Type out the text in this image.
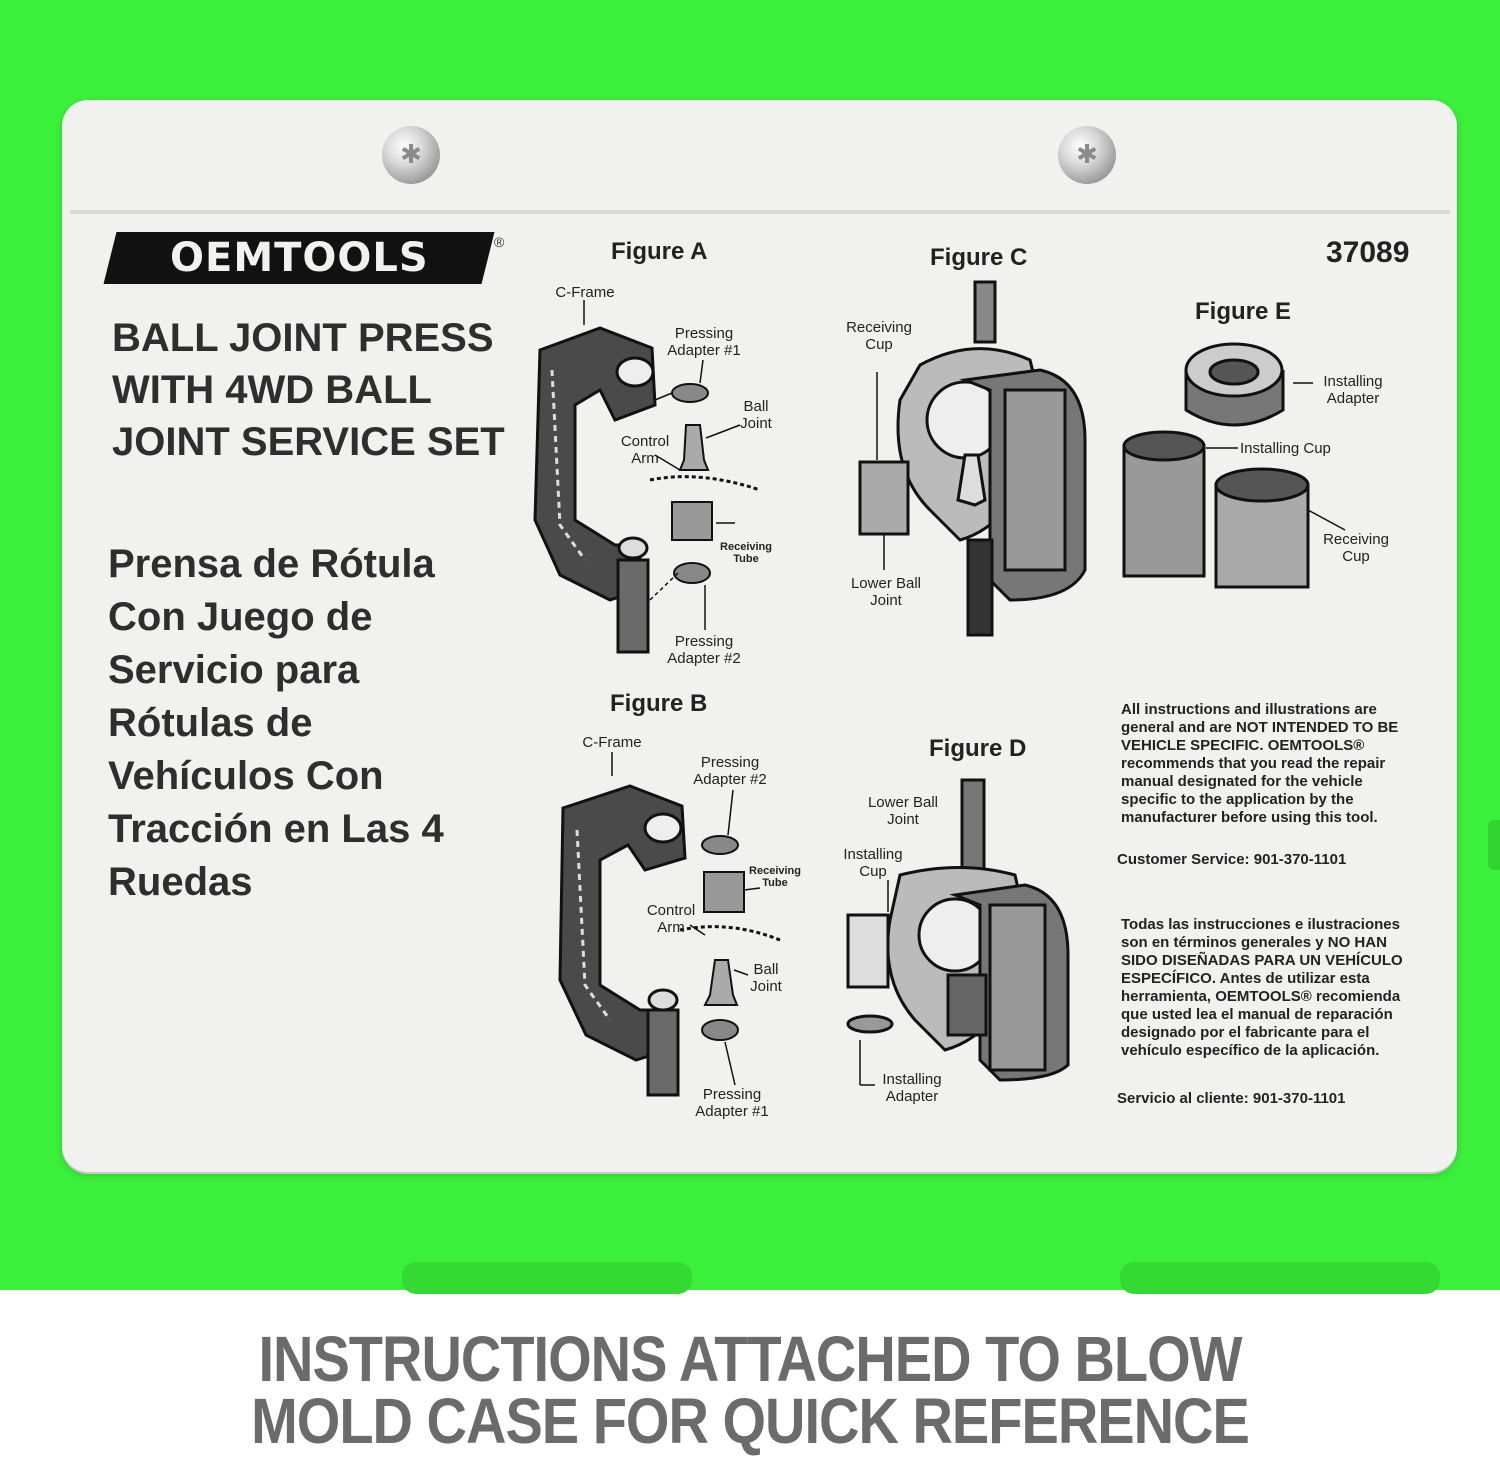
✱	✱
OEMTOOLS	®	37089
BALL JOINT PRESS WITH 4WD BALL JOINT SERVICE SET
Prensa de Rótula Con Juego de Servicio para Rótulas de Vehículos Con Tracción en Las 4 Ruedas
Figure A
Figure B
Figure C
Figure D
Figure E
C-Frame
Pressing Adapter #1
Ball Joint
Control Arm
Receiving Tube
Pressing Adapter #2
C-Frame
Pressing Adapter #2
Receiving Tube
Control Arm
Ball Joint
Pressing Adapter #1
Receiving Cup
Lower Ball Joint
Lower Ball Joint
Installing Cup
Installing Adapter
Installing Adapter
Installing Cup
Receiving Cup

All instructions and illustrations are general and are NOT INTENDED TO BE VEHICLE SPECIFIC. OEMTOOLS® recommends that you read the repair manual designated for the vehicle specific to the application by the manufacturer before using this tool.

Customer Service: 901-370-1101

Todas las instrucciones e ilustraciones son en términos generales y NO HAN SIDO DISEÑADAS PARA UN VEHÍCULO ESPECÍFICO. Antes de utilizar esta herramienta, OEMTOOLS® recomienda que usted lea el manual de reparación designado por el fabricante para el vehículo específico de la aplicación.

Servicio al cliente: 901-370-1101
INSTRUCTIONS ATTACHED TO BLOW
MOLD CASE FOR QUICK REFERENCE
